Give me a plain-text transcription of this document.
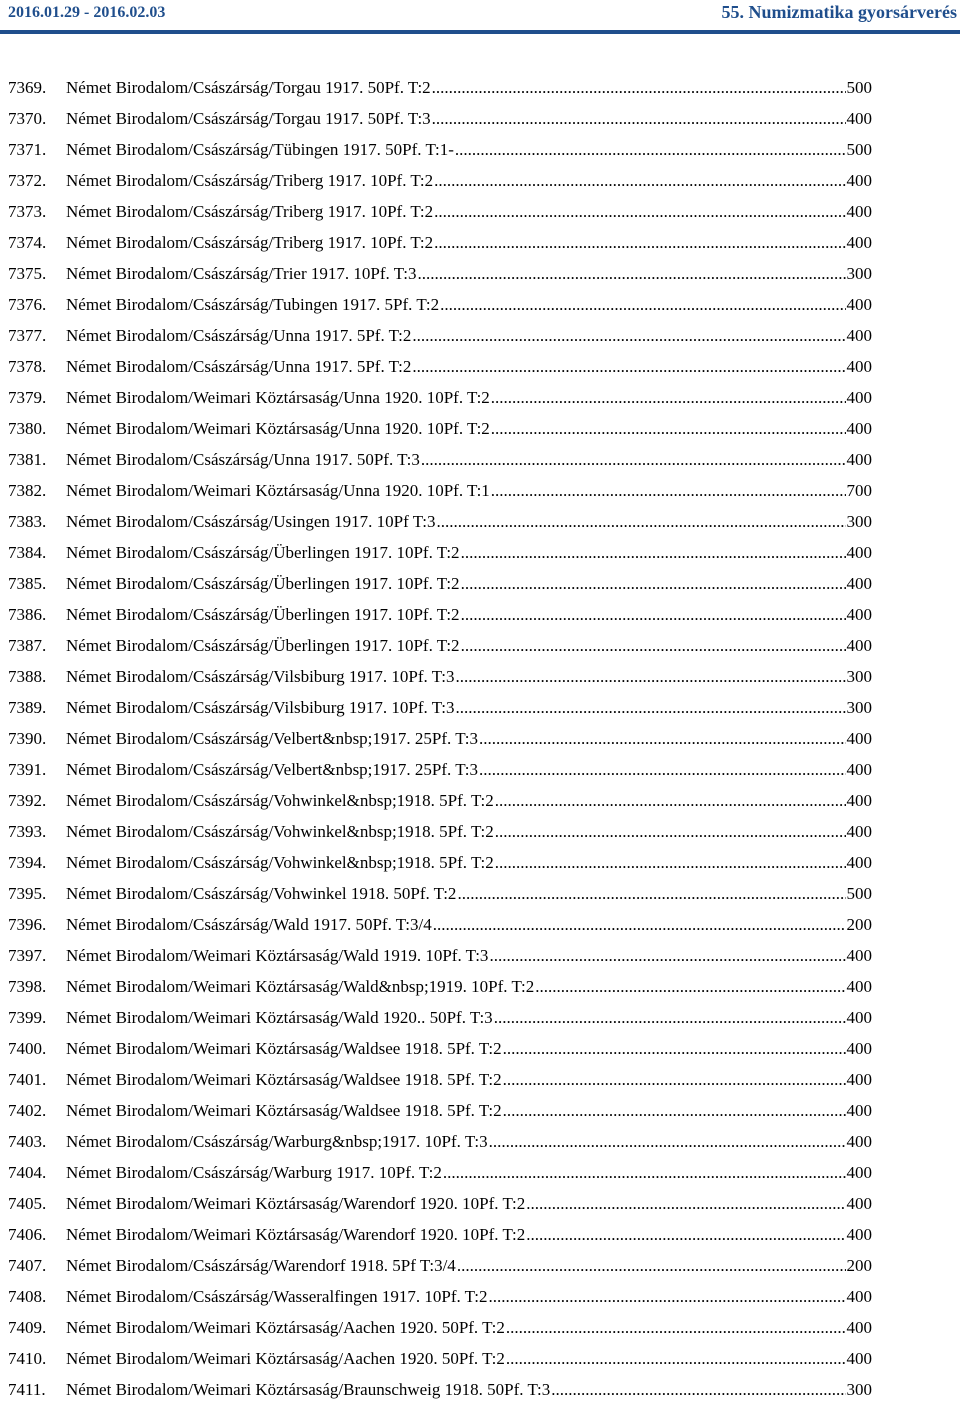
2016.01.29 - 2016.02.03	55. Numizmatika gyorsárverés
7369.	Német Birodalom/Császárság/Torgau 1917. 50Pf. T:2 .....	500
7370.	Német Birodalom/Császárság/Torgau 1917. 50Pf. T:3 .....	400
7371.	Német Birodalom/Császárság/Tübingen 1917. 50Pf. T:1- .....	500
7372.	Német Birodalom/Császárság/Triberg 1917. 10Pf. T:2 .....	400
7373.	Német Birodalom/Császárság/Triberg 1917. 10Pf. T:2 .....	400
7374.	Német Birodalom/Császárság/Triberg 1917. 10Pf. T:2 .....	400
7375.	Német Birodalom/Császárság/Trier 1917. 10Pf. T:3 .....	300
7376.	Német Birodalom/Császárság/Tubingen 1917. 5Pf. T:2 .....	400
7377.	Német Birodalom/Császárság/Unna 1917. 5Pf. T:2 .....	400
7378.	Német Birodalom/Császárság/Unna 1917. 5Pf. T:2 .....	400
7379.	Német Birodalom/Weimari Köztársaság/Unna 1920. 10Pf. T:2 .....	400
7380.	Német Birodalom/Weimari Köztársaság/Unna 1920. 10Pf. T:2 .....	400
7381.	Német Birodalom/Császárság/Unna 1917. 50Pf. T:3 .....	400
7382.	Német Birodalom/Weimari Köztársaság/Unna 1920. 10Pf. T:1 .....	700
7383.	Német Birodalom/Császárság/Usingen 1917. 10Pf T:3 .....	300
7384.	Német Birodalom/Császárság/Überlingen 1917. 10Pf. T:2 .....	400
7385.	Német Birodalom/Császárság/Überlingen 1917. 10Pf. T:2 .....	400
7386.	Német Birodalom/Császárság/Überlingen 1917. 10Pf. T:2 .....	400
7387.	Német Birodalom/Császárság/Überlingen 1917. 10Pf. T:2 .....	400
7388.	Német Birodalom/Császárság/Vilsbiburg 1917. 10Pf. T:3 .....	300
7389.	Német Birodalom/Császárság/Vilsbiburg 1917. 10Pf. T:3 .....	300
7390.	Német Birodalom/Császárság/Velbert&nbsp;1917. 25Pf. T:3 .....	400
7391.	Német Birodalom/Császárság/Velbert&nbsp;1917. 25Pf. T:3 .....	400
7392.	Német Birodalom/Császárság/Vohwinkel&nbsp;1918. 5Pf. T:2 .....	400
7393.	Német Birodalom/Császárság/Vohwinkel&nbsp;1918. 5Pf. T:2 .....	400
7394.	Német Birodalom/Császárság/Vohwinkel&nbsp;1918. 5Pf. T:2 .....	400
7395.	Német Birodalom/Császárság/Vohwinkel 1918. 50Pf. T:2 .....	500
7396.	Német Birodalom/Császárság/Wald 1917. 50Pf. T:3/4 .....	200
7397.	Német Birodalom/Weimari Köztársaság/Wald 1919. 10Pf. T:3 .....	400
7398.	Német Birodalom/Weimari Köztársaság/Wald&nbsp;1919. 10Pf. T:2 .....	400
7399.	Német Birodalom/Weimari Köztársaság/Wald 1920.. 50Pf. T:3 .....	400
7400.	Német Birodalom/Weimari Köztársaság/Waldsee 1918. 5Pf. T:2 .....	400
7401.	Német Birodalom/Weimari Köztársaság/Waldsee 1918. 5Pf. T:2 .....	400
7402.	Német Birodalom/Weimari Köztársaság/Waldsee 1918. 5Pf. T:2 .....	400
7403.	Német Birodalom/Császárság/Warburg&nbsp;1917. 10Pf. T:3 .....	400
7404.	Német Birodalom/Császárság/Warburg 1917. 10Pf. T:2 .....	400
7405.	Német Birodalom/Weimari Köztársaság/Warendorf 1920. 10Pf. T:2 .....	400
7406.	Német Birodalom/Weimari Köztársaság/Warendorf 1920. 10Pf. T:2 .....	400
7407.	Német Birodalom/Császárság/Warendorf 1918. 5Pf T:3/4 .....	200
7408.	Német Birodalom/Császárság/Wasseralfingen 1917. 10Pf. T:2 .....	400
7409.	Német Birodalom/Weimari Köztársaság/Aachen 1920. 50Pf. T:2 .....	400
7410.	Német Birodalom/Weimari Köztársaság/Aachen 1920. 50Pf. T:2 .....	400
7411.	Német Birodalom/Weimari Köztársaság/Braunschweig 1918. 50Pf. T:3 .....	300
